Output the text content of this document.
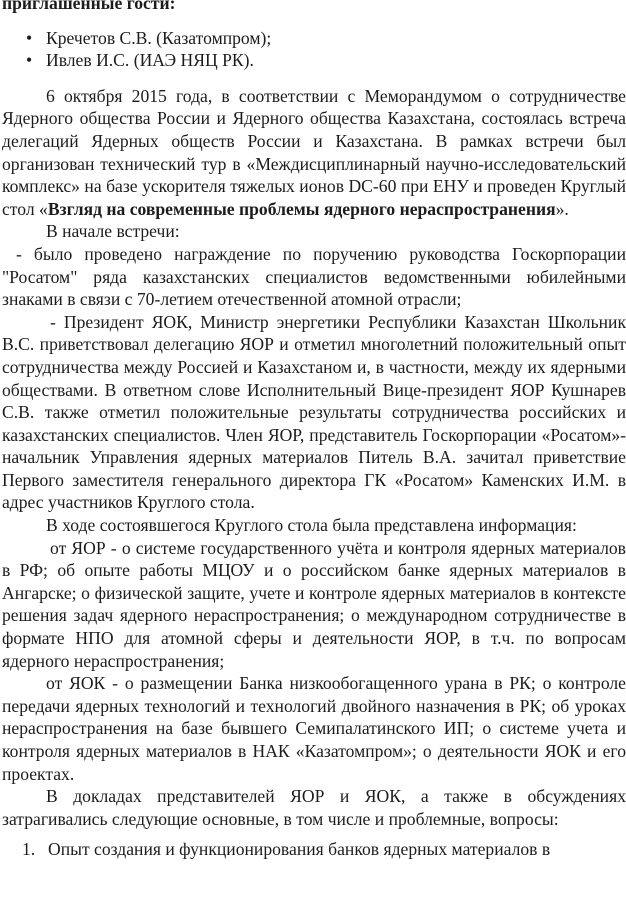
приглашенные гости:

• Кречетов С.В. (Казатомпром);
• Ивлев И.С. (ИАЭ НЯЦ РК).

6 октября 2015 года, в соответствии с Меморандумом о сотрудничестве Ядерного общества России и Ядерного общества Казахстана, состоялась встреча делегаций Ядерных обществ России и Казахстана. В рамках встречи был организован технический тур в «Междисциплинарный научно-исследовательский комплекс» на базе ускорителя тяжелых ионов DC-60 при ЕНУ и проведен Круглый стол «Взгляд на современные проблемы ядерного нераспространения».

В начале встречи:

- было проведено награждение по поручению руководства Госкорпорации "Росатом" ряда казахстанских специалистов ведомственными юбилейными знаками в связи с 70-летием отечественной атомной отрасли;

- Президент ЯОК, Министр энергетики Республики Казахстан Школьник В.С. приветствовал делегацию ЯОР и отметил многолетний положительный опыт сотрудничества между Россией и Казахстаном и, в частности, между их ядерными обществами. В ответном слове Исполнительный Вице-президент ЯОР Кушнарев С.В. также отметил положительные результаты сотрудничества российских и казахстанских специалистов. Член ЯОР, представитель Госкорпорации «Росатом»-начальник Управления ядерных материалов Питель В.А. зачитал приветствие Первого заместителя генерального директора ГК «Росатом» Каменских И.М. в адрес участников Круглого стола.

В ходе состоявшегося Круглого стола была представлена информация:

от ЯОР - о системе государственного учёта и контроля ядерных материалов в РФ; об опыте работы МЦОУ и о российском банке ядерных материалов в Ангарске; о физической защите, учете и контроле ядерных материалов в контексте решения задач ядерного нераспространения; о международном сотрудничестве в формате НПО для атомной сферы и деятельности ЯОР, в т.ч. по вопросам ядерного нераспространения;

от ЯОК - о размещении Банка низкообогащенного урана в РК; о контроле передачи ядерных технологий и технологий двойного назначения в РК; об уроках нераспространения на базе бывшего Семипалатинского ИП; о системе учета и контроля ядерных материалов в НАК «Казатомпром»; о деятельности ЯОК и его проектах.

В докладах представителей ЯОР и ЯОК, а также в обсуждениях затрагивались следующие основные, в том числе и проблемные, вопросы:

1. Опыт создания и функционирования банков ядерных материалов в
